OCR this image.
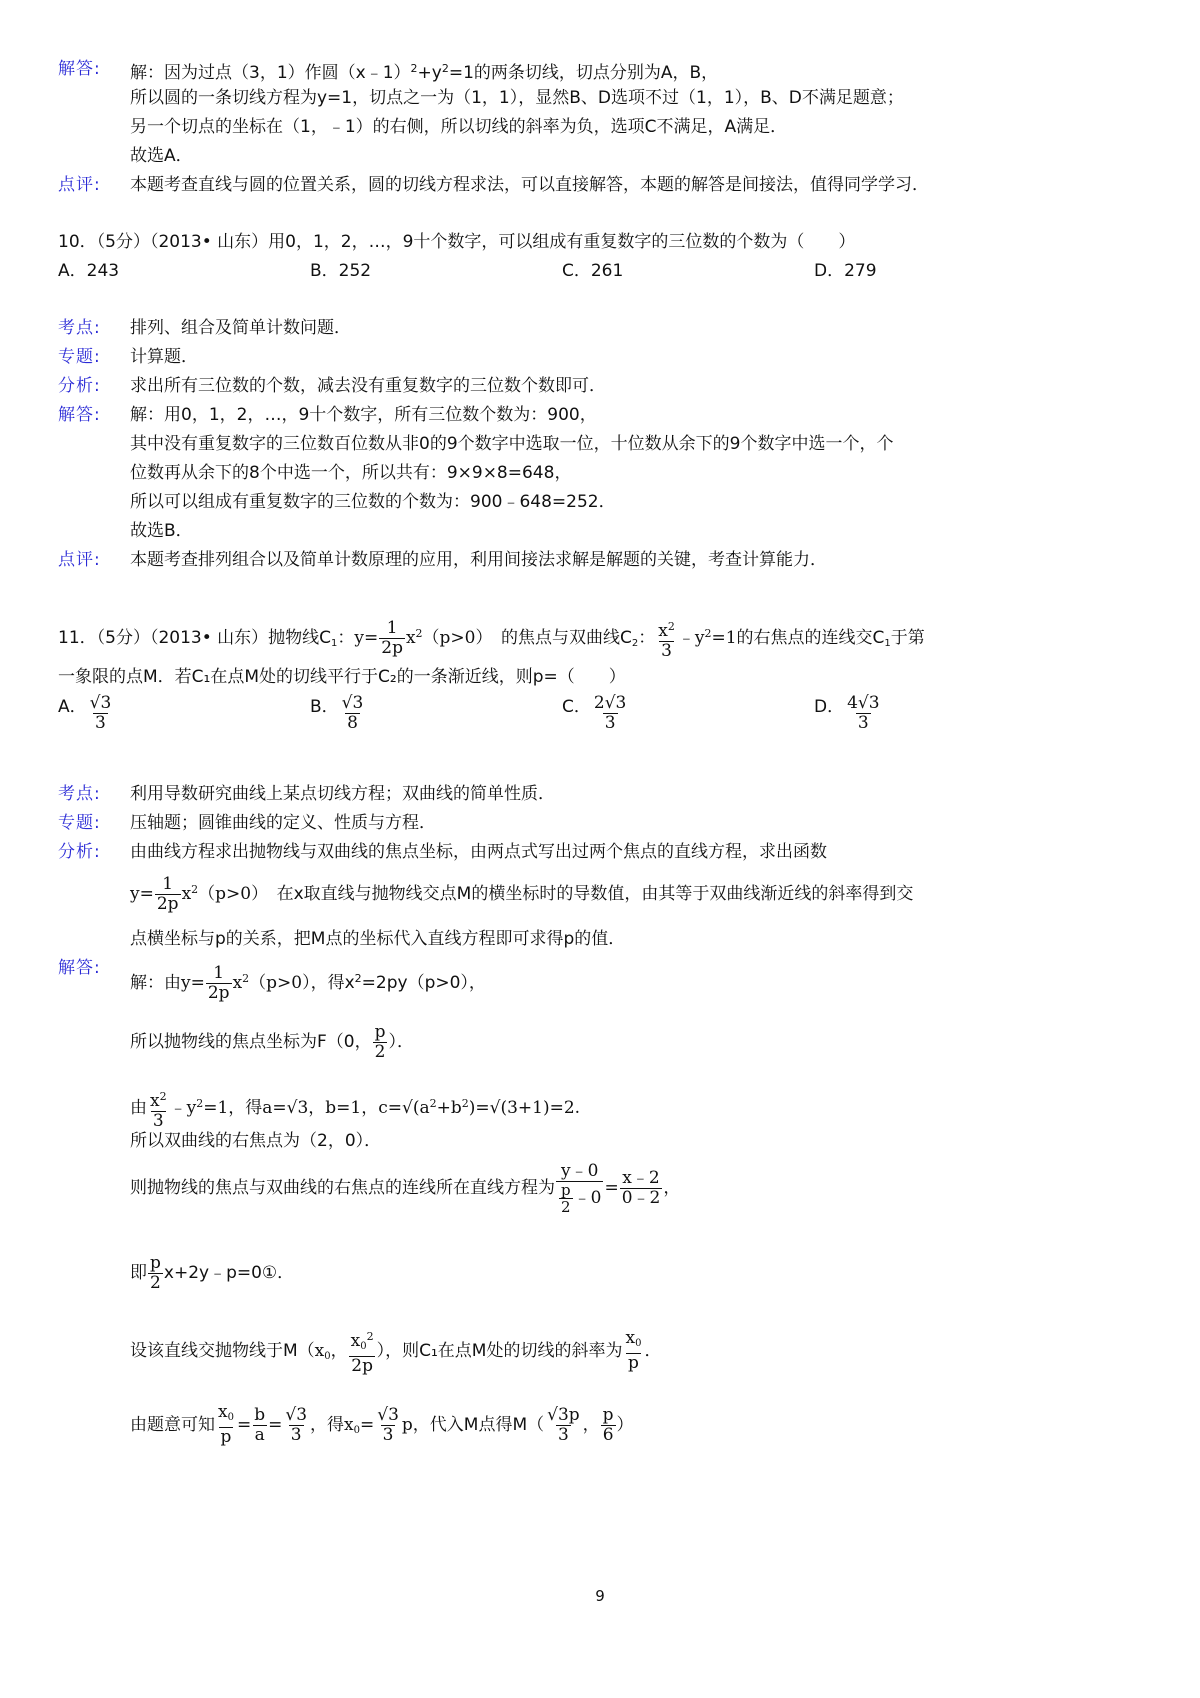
解答: 解：因为过点（3，1）作圆$(x﹣1)^2+y^2=1$的两条切线，切点分别为A，B，
所以圆的一条切线方程为y=1，切点之一为（1，1），显然B、D选项不过（1，1），B、D不满足题意；
另一个切点的坐标在（1，﹣1）的右侧，所以切线的斜率为负，选项C不满足，A满足．
故选A．
点评: 本题考查直线与圆的位置关系，圆的切线方程求法，可以直接解答，本题的解答是间接法，值得同学学习．
10．（5分）（2013• 山东）用0，1，2，…，9十个数字，可以组成有重复数字的三位数的个数为（　　）
A．243	B．252	C．261	D．279
考点: 排列、组合及简单计数问题．
专题: 计算题．
分析: 求出所有三位数的个数，减去没有重复数字的三位数个数即可．
解答: 解：用0，1，2，…，9十个数字，所有三位数个数为：900，
其中没有重复数字的三位数百位数从非0的9个数字中选取一位，十位数从余下的9个数字中选一个，个
位数再从余下的8个中选一个，所以共有：9×9×8=648，
所以可以组成有重复数字的三位数的个数为：900﹣648=252．
故选B．
点评: 本题考查排列组合以及简单计数原理的应用，利用间接法求解是解题的关键，考查计算能力．
11．（5分）（2013• 山东）抛物线$C_1$：$y= \frac{1}{2p} x^2(p>0)$　 的焦点与双曲线$C_2$： $\frac{x^2}{3}$ $﹣y^2=1$的右焦点的连线交$C_1$于第
一象限的点M．若C₁在点M处的切线平行于C₂的一条渐近线，则p=（　　）
A． $\frac{√3}{3}$	B． $\frac{√3}{8}$	C． $\frac{2√3}{3}$	D． $\frac{4√3}{3}$
考点: 利用导数研究曲线上某点切线方程；双曲线的简单性质．
专题: 压轴题；圆锥曲线的定义、性质与方程．
分析: 由曲线方程求出抛物线与双曲线的焦点坐标，由两点式写出过两个焦点的直线方程，求出函数
$y= \frac{1}{2p} x^2(p>0)$　 在x取直线与抛物线交点M的横坐标时的导数值，由其等于双曲线渐近线的斜率得到交
点横坐标与p的关系，把M点的坐标代入直线方程即可求得p的值．
解答:
解：由$y= \frac{1}{2p} x^2(p>0)$，得$x^2=2py(p>0)$，
所以抛物线的焦点坐标为F（0， $\frac{p}{2}$ ）．
由 $\frac{x^2}{3}$ $﹣y^2=1$，得a=√3，b=1，$c=√(a^2+b^2)=√(3+1)=2$.
所以双曲线的右焦点为（2，0）．
则抛物线的焦点与双曲线的右焦点的连线所在直线方程为 $\frac{y﹣0}{\frac{p}{2} ﹣0} = \frac{x﹣2}{0﹣2}$ ，
即 $\frac{p}{2}$ x+2y﹣p=0①．
设该直线交抛物线于$M(x_0$， $\frac{x_0^2}{2p}$ ），则C₁在点M处的切线的斜率为 $\frac{x_0}{p}$ ．
由题意可知 $\frac{x_0}{p} = \frac{b}{a} = \frac{√3}{3}$ ，得$x_0= \frac{√3}{3}$ p，代入M点得$M( \frac{√3p}{3}$ ， $\frac{p}{6}$ ）
9
